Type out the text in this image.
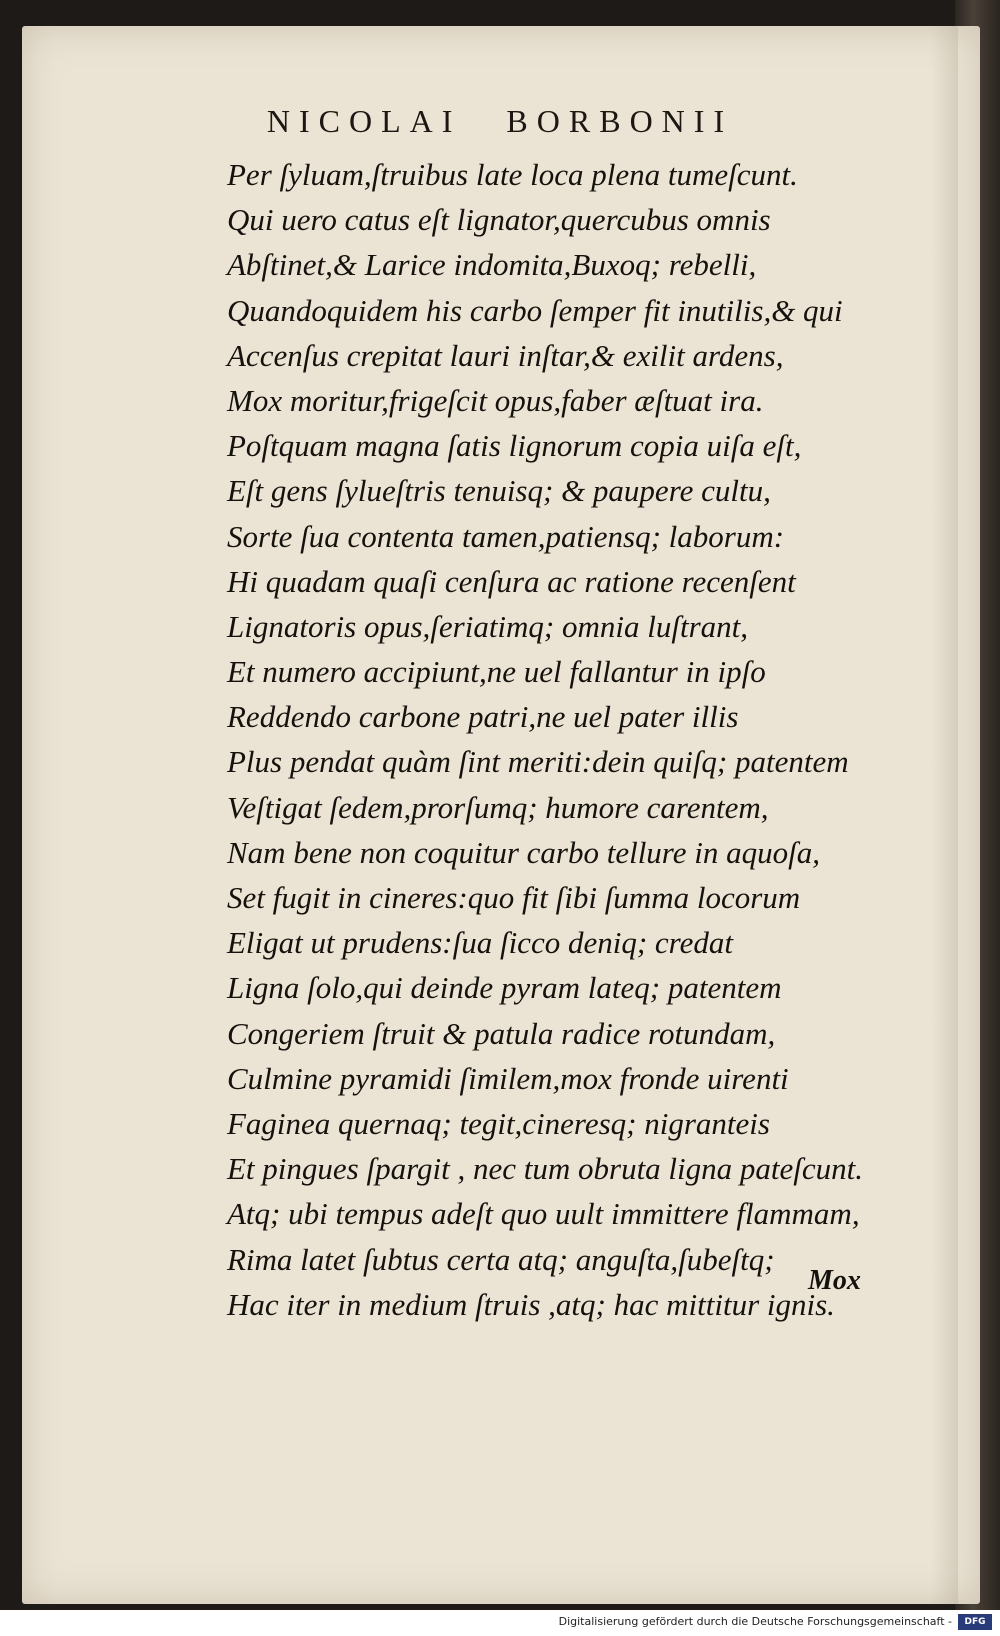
NICOLAI BORBONII
Per ſyluam,ſtruibus late loca plena tumeſcunt.
Qui uero catus eſt lignator,quercubus omnis
Abſtinet,& Larice indomita,Buxoq; rebelli,
Quandoquidem his carbo ſemper fit inutilis,& qui
Accenſus crepitat lauri inſtar,& exilit ardens,
Mox moritur,frigeſcit opus,faber æſtuat ira.
Poſtquam magna ſatis lignorum copia uiſa eſt,
Eſt gens ſylueſtris tenuisq; & paupere cultu,
Sorte ſua contenta tamen,patiensq; laborum:
Hi quadam quaſi cenſura ac ratione recenſent
Lignatoris opus,ſeriatimq; omnia luſtrant,
Et numero accipiunt,ne uel fallantur in ipſo
Reddendo carbone patri,ne uel pater illis
Plus pendat quàm ſint meriti:dein quiſq; patentem
Veſtigat ſedem,prorſumq; humore carentem,
Nam bene non coquitur carbo tellure in aquoſa,
Set fugit in cineres:quo fit ſibi ſumma locorum
Eligat ut prudens:ſua ſicco deniq; credat
Ligna ſolo,qui deinde pyram lateq; patentem
Congeriem ſtruit & patula radice rotundam,
Culmine pyramidi ſimilem,mox fronde uirenti
Faginea quernaq; tegit,cineresq; nigranteis
Et pingues ſpargit , nec tum obruta ligna pateſcunt.
Atq; ubi tempus adeſt quo uult immittere flammam,
Rima latet ſubtus certa atq; anguſta,ſubeſtq;
Hac iter in medium ſtruis ,atq; hac mittitur ignis.
Mox
Digitalisierung gefördert durch die Deutsche Forschungsgemeinschaft -	DFG
